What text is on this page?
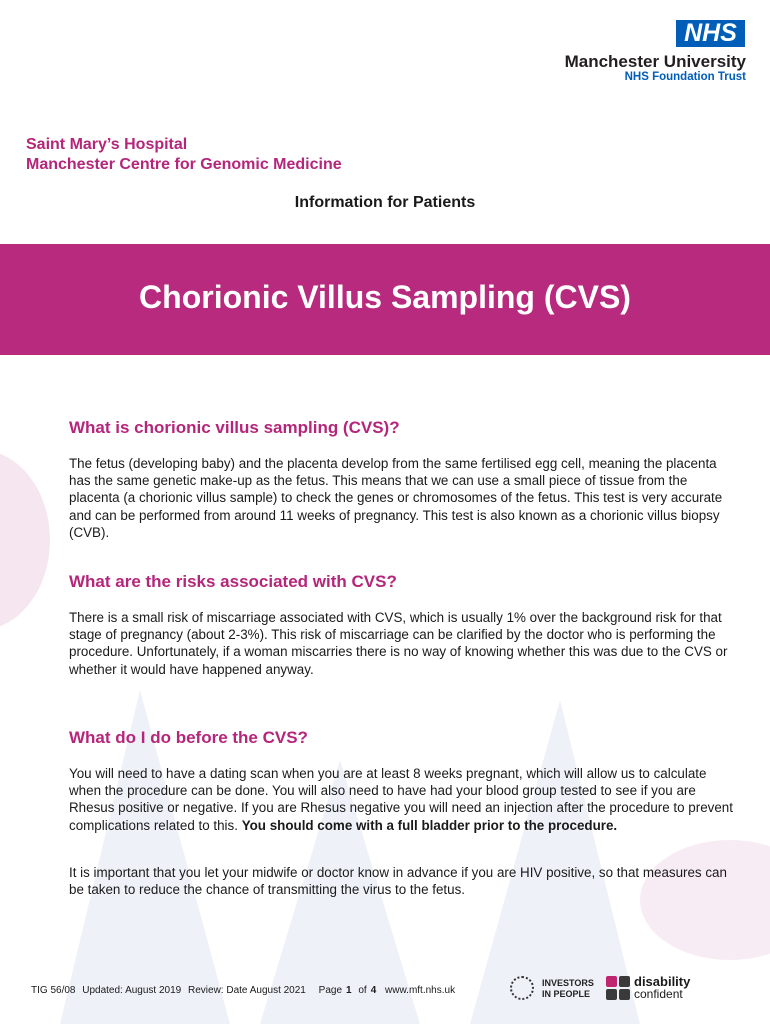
NHS
Manchester University
NHS Foundation Trust
Saint Mary’s Hospital
Manchester Centre for Genomic Medicine
Information for Patients
Chorionic Villus Sampling (CVS)
What is chorionic villus sampling (CVS)?
The fetus (developing baby) and the placenta develop from the same fertilised egg cell, meaning the placenta has the same genetic make-up as the fetus. This means that we can use a small piece of tissue from the placenta (a chorionic villus sample) to check the genes or chromosomes of the fetus. This test is very accurate and can be performed from around 11 weeks of pregnancy. This test is also known as a chorionic villus biopsy (CVB).
What are the risks associated with CVS?
There is a small risk of miscarriage associated with CVS, which is usually 1% over the background risk for that stage of pregnancy (about 2-3%). This risk of miscarriage can be clarified by the doctor who is performing the procedure. Unfortunately, if a woman miscarries there is no way of knowing whether this was due to the CVS or whether it would have happened anyway.
What do I do before the CVS?
You will need to have a dating scan when you are at least 8 weeks pregnant, which will allow us to calculate when the procedure can be done. You will also need to have had your blood group tested to see if you are Rhesus positive or negative. If you are Rhesus negative you will need an injection after the procedure to prevent complications related to this. You should come with a full bladder prior to the procedure.
It is important that you let your midwife or doctor know in advance if you are HIV positive, so that measures can be taken to reduce the chance of transmitting the virus to the fetus.
TIG 56/08 Updated: August 2019 Review: Date August 2021 Page 1 of 4 www.mft.nhs.uk
INVESTORS
IN PEOPLE
disability
confident
